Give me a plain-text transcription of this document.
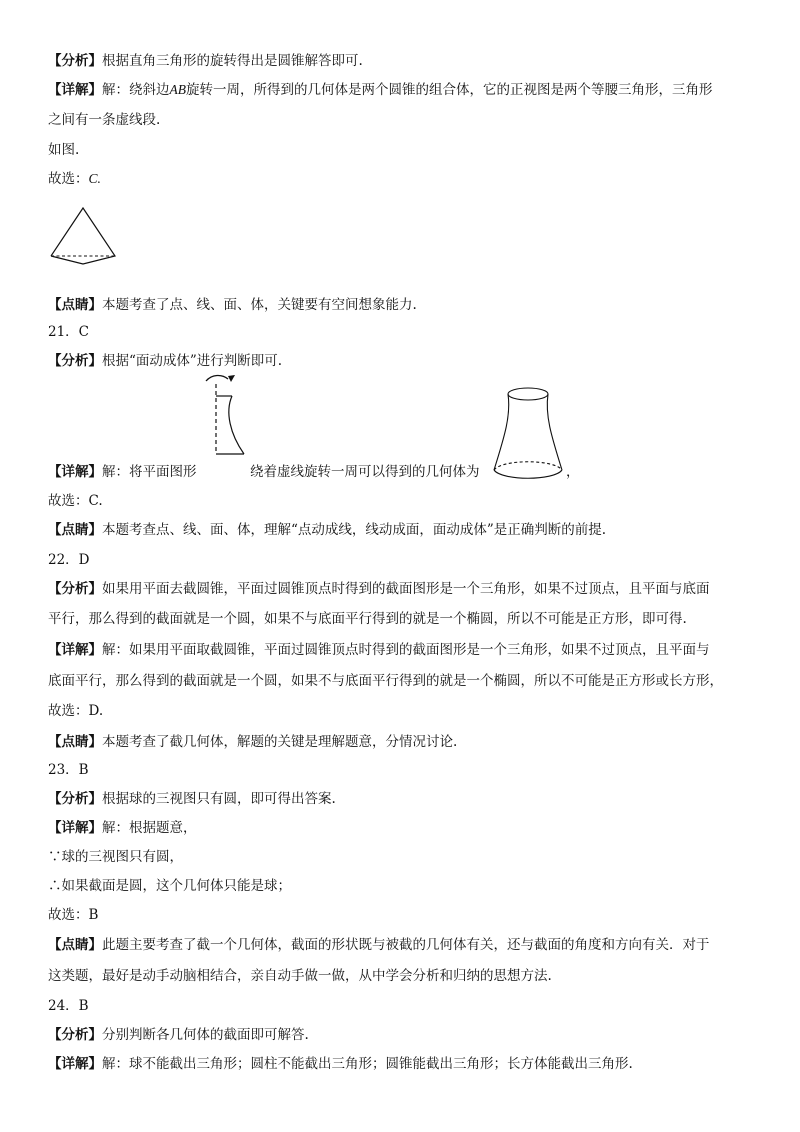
【分析】根据直角三角形的旋转得出是圆锥解答即可.
【详解】解：绕斜边AB旋转一周，所得到的几何体是两个圆锥的组合体，它的正视图是两个等腰三角形，三角形
之间有一条虚线段.
如图.
故选：C.
【点睛】本题考查了点、线、面、体，关键要有空间想象能力.
21．C
【分析】根据“面动成体”进行判断即可.
【详解】解：将平面图形	绕着虚线旋转一周可以得到的几何体为	，
故选：C.
【点睛】本题考查点、线、面、体，理解“点动成线，线动成面，面动成体”是正确判断的前提.
22．D
【分析】如果用平面去截圆锥，平面过圆锥顶点时得到的截面图形是一个三角形，如果不过顶点，且平面与底面
平行，那么得到的截面就是一个圆，如果不与底面平行得到的就是一个椭圆，所以不可能是正方形，即可得.
【详解】解：如果用平面取截圆锥，平面过圆锥顶点时得到的截面图形是一个三角形，如果不过顶点，且平面与
底面平行，那么得到的截面就是一个圆，如果不与底面平行得到的就是一个椭圆，所以不可能是正方形或长方形，
故选：D.
【点睛】本题考查了截几何体，解题的关键是理解题意，分情况讨论.
23．B
【分析】根据球的三视图只有圆，即可得出答案.
【详解】解：根据题意，
∵球的三视图只有圆，
∴如果截面是圆，这个几何体只能是球；
故选：B
【点睛】此题主要考查了截一个几何体，截面的形状既与被截的几何体有关，还与截面的角度和方向有关．对于
这类题，最好是动手动脑相结合，亲自动手做一做，从中学会分析和归纳的思想方法.
24．B
【分析】分别判断各几何体的截面即可解答.
【详解】解：球不能截出三角形；圆柱不能截出三角形；圆锥能截出三角形；长方体能截出三角形.
